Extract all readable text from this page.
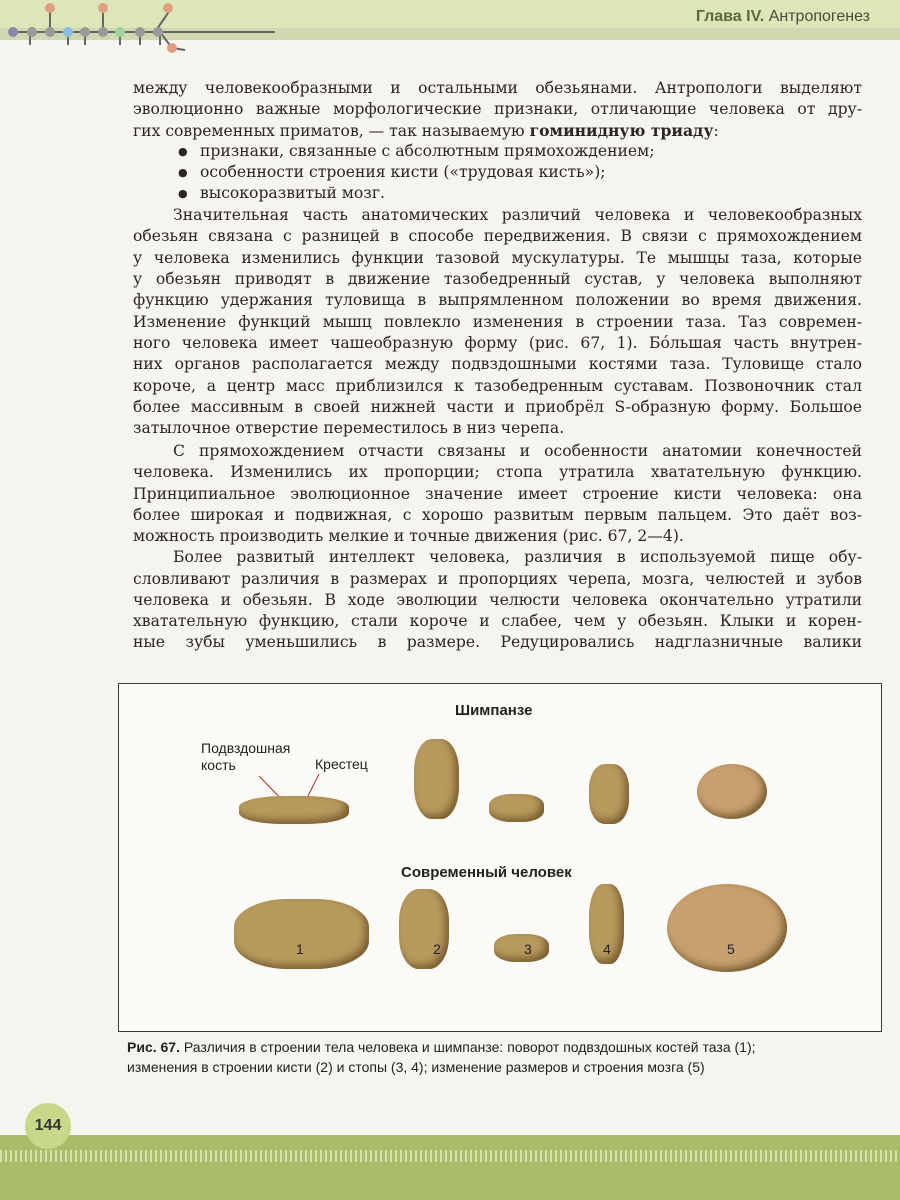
Глава IV. Антропогенез
между человекообразными и остальными обезьянами. Антропологи выделяют
эволюционно важные морфологические признаки, отличающие человека от дру-
гих современных приматов, — так называемую гоминидную триаду:
● признаки, связанные с абсолютным прямохождением;
● особенности строения кисти («трудовая кисть»);
● высокоразвитый мозг.
Значительная часть анатомических различий человека и человекообразных
обезьян связана с разницей в способе передвижения. В связи с прямохождением
у человека изменились функции тазовой мускулатуры. Те мышцы таза, которые
у обезьян приводят в движение тазобедренный сустав, у человека выполняют
функцию удержания туловища в выпрямленном положении во время движения.
Изменение функций мышц повлекло изменения в строении таза. Таз современ-
ного человека имеет чашеобразную форму (рис. 67, 1). Бóльшая часть внутрен-
них органов располагается между подвздошными костями таза. Туловище стало
короче, а центр масс приблизился к тазобедренным суставам. Позвоночник стал
более массивным в своей нижней части и приобрёл S-образную форму. Большое
затылочное отверстие переместилось в низ черепа.
С прямохождением отчасти связаны и особенности анатомии конечностей
человека. Изменились их пропорции; стопа утратила хватательную функцию.
Принципиальное эволюционное значение имеет строение кисти человека: она
более широкая и подвижная, с хорошо развитым первым пальцем. Это даёт воз-
можность производить мелкие и точные движения (рис. 67, 2—4).
Более развитый интеллект человека, различия в используемой пище обу-
словливают различия в размерах и пропорциях черепа, мозга, челюстей и зубов
человека и обезьян. В ходе эволюции челюсти человека окончательно утратили
хватательную функцию, стали короче и слабее, чем у обезьян. Клыки и корен-
ные зубы уменьшились в размере. Редуцировались надглазничные валики
Шимпанзе
Подвздошная
кость	Крестец
Современный человек
1	2	3	4	5
Рис. 67. Различия в строении тела человека и шимпанзе: поворот подвздошных костей таза (1);
изменения в строении кисти (2) и стопы (3, 4); изменение размеров и строения мозга (5)
144
